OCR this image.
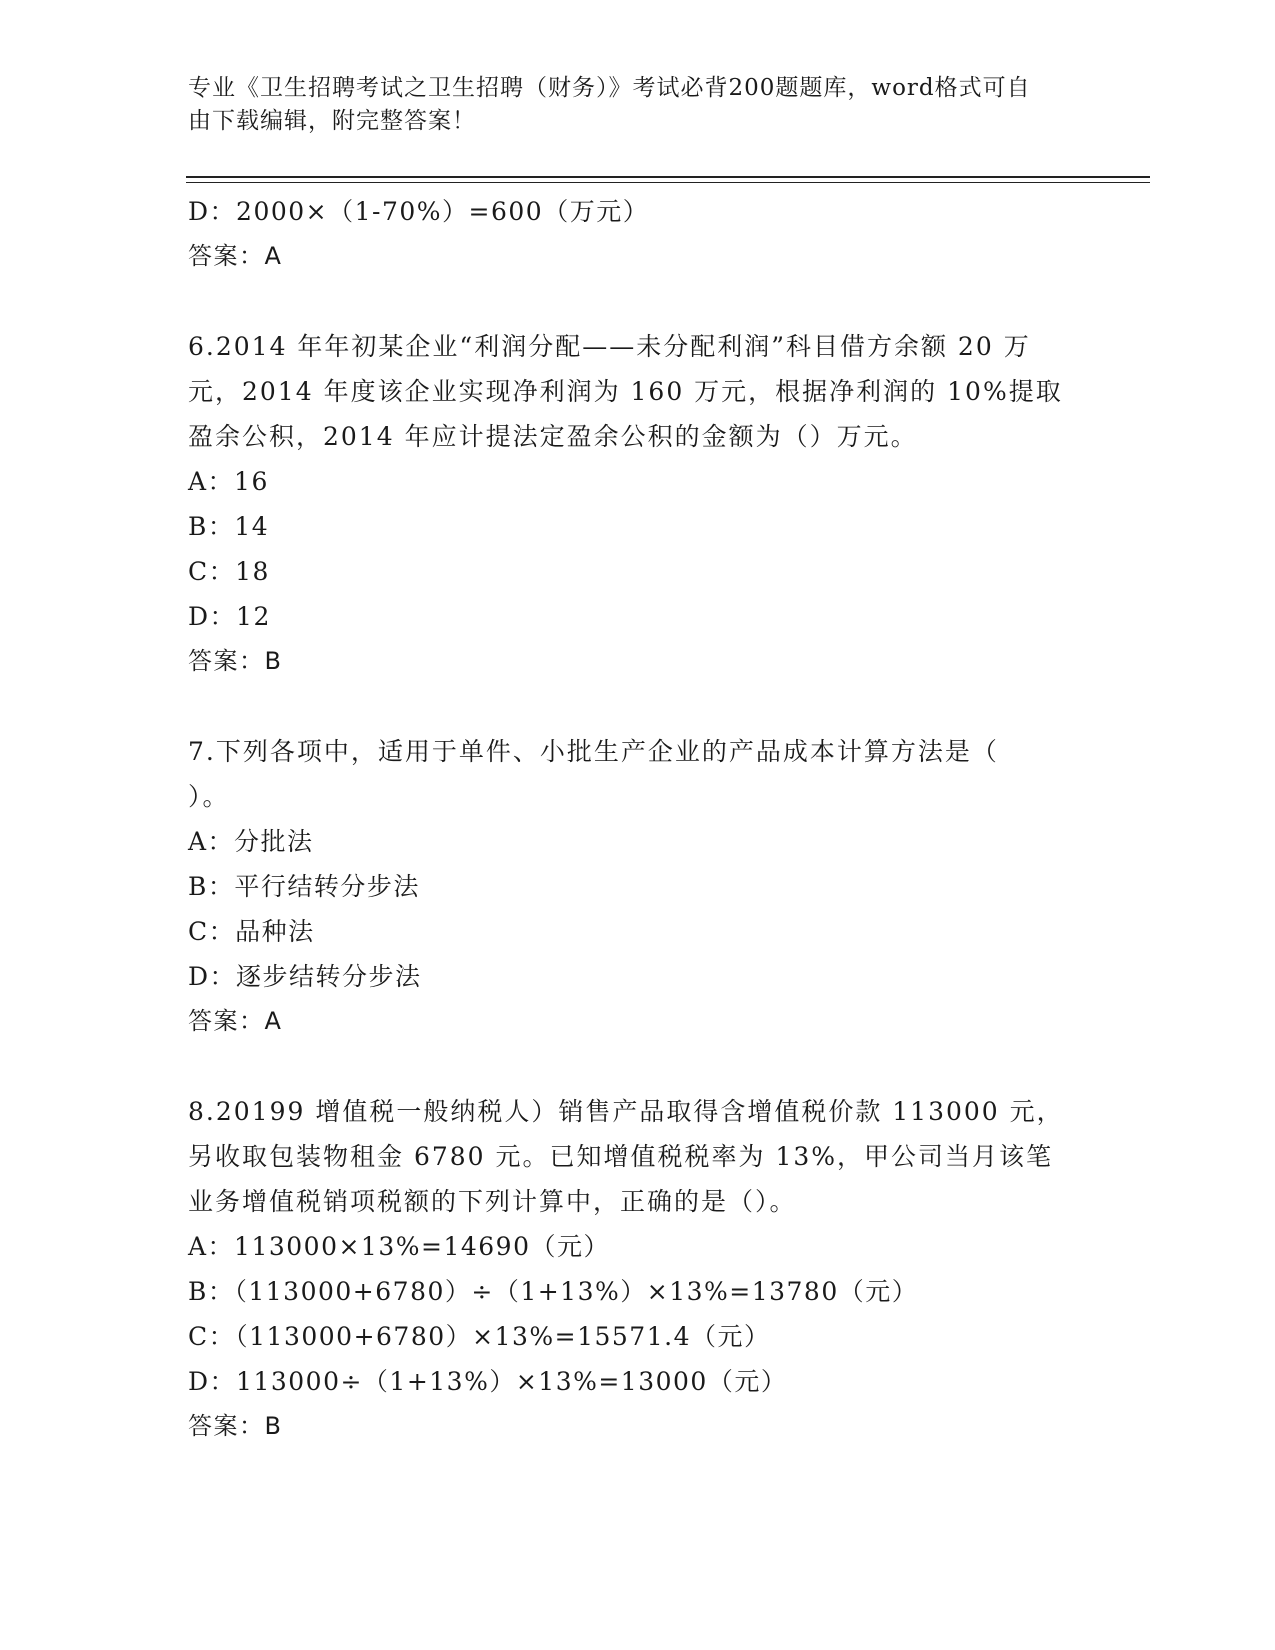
专业《卫生招聘考试之卫生招聘（财务）》考试必背200题题库，word格式可自
由下载编辑，附完整答案！
D：2000×（1-70%）=600（万元）
答案：A
6.2014 年年初某企业“利润分配——未分配利润”科目借方余额 20 万
元，2014 年度该企业实现净利润为 160 万元，根据净利润的 10%提取
盈余公积，2014 年应计提法定盈余公积的金额为（）万元。
A：16
B：14
C：18
D：12
答案：B
7.下列各项中，适用于单件、小批生产企业的产品成本计算方法是（
）。
A：分批法
B：平行结转分步法
C：品种法
D：逐步结转分步法
答案：A
8.20199 增值税一般纳税人）销售产品取得含增值税价款 113000 元，
另收取包装物租金 6780 元。已知增值税税率为 13%，甲公司当月该笔
业务增值税销项税额的下列计算中，正确的是（）。
A：113000×13%=14690（元）
B：（113000+6780）÷（1+13%）×13%=13780（元）
C：（113000+6780）×13%=15571.4（元）
D：113000÷（1+13%）×13%=13000（元）
答案：B
